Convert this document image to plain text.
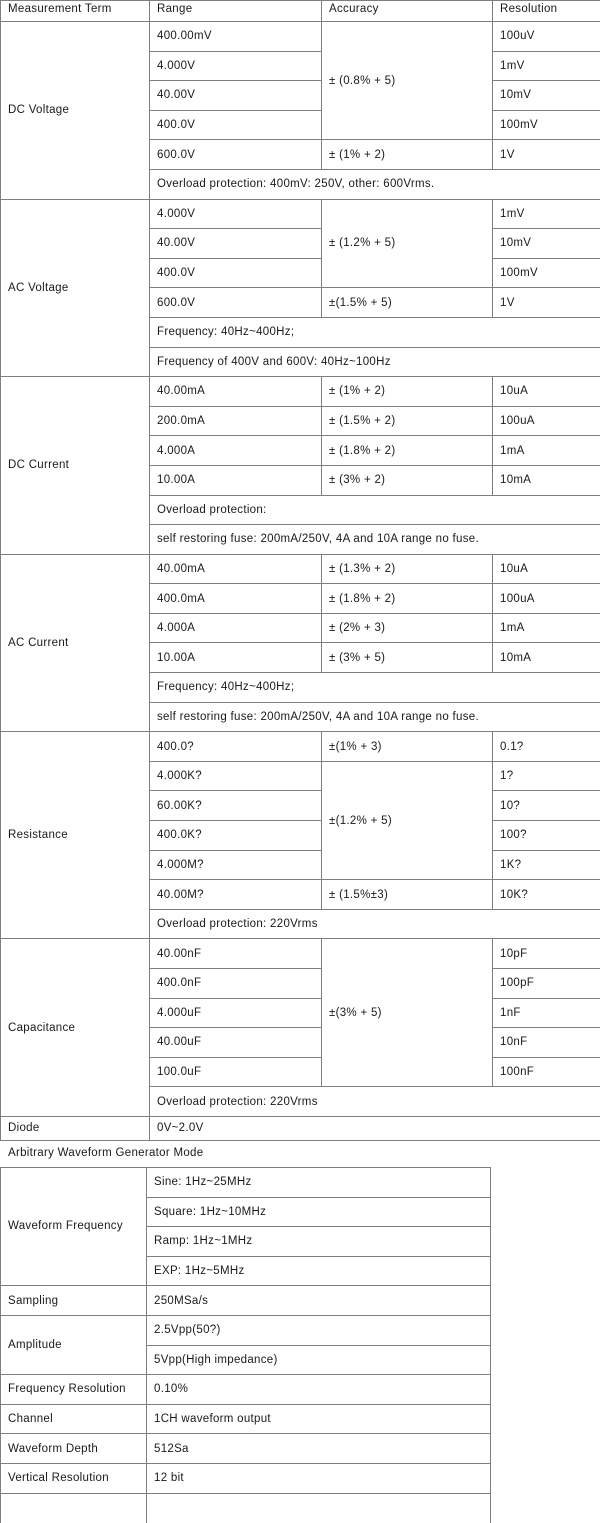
Measurement Term	Range	Accuracy	Resolution
DC Voltage	400.00mV	± (0.8% + 5)	100uV
	4.000V		1mV
	40.00V		10mV
	400.0V		100mV
	600.0V	± (1% + 2)	1V
	Overload protection: 400mV: 250V, other: 600Vrms.		
AC Voltage	4.000V	± (1.2% + 5)	1mV
	40.00V		10mV
	400.0V		100mV
	600.0V	±(1.5% + 5)	1V
	Frequency: 40Hz~400Hz;		
	Frequency of 400V and 600V: 40Hz~100Hz		
DC Current	40.00mA	± (1% + 2)	10uA
	200.0mA	± (1.5% + 2)	100uA
	4.000A	± (1.8% + 2)	1mA
	10.00A	± (3% + 2)	10mA
	Overload protection:		
	self restoring fuse: 200mA/250V, 4A and 10A range no fuse.		
AC Current	40.00mA	± (1.3% + 2)	10uA
	400.0mA	± (1.8% + 2)	100uA
	4.000A	± (2% + 3)	1mA
	10.00A	± (3% + 5)	10mA
	Frequency: 40Hz~400Hz;		
	self restoring fuse: 200mA/250V, 4A and 10A range no fuse.		
Resistance	400.0?	±(1% + 3)	0.1?
	4.000K?	±(1.2% + 5)	1?
	60.00K?		10?
	400.0K?		100?
	4.000M?		1K?
	40.00M?	± (1.5%±3)	10K?
	Overload protection: 220Vrms		
Capacitance	40.00nF	±(3% + 5)	10pF
	400.0nF		100pF
	4.000uF		1nF
	40.00uF		10nF
	100.0uF		100nF
	Overload protection: 220Vrms		
Diode	0V~2.0V		
Arbitrary Waveform Generator Mode
Waveform Frequency	Sine: 1Hz~25MHz
	Square: 1Hz~10MHz
	Ramp: 1Hz~1MHz
	EXP: 1Hz~5MHz
Sampling	250MSa/s
Amplitude	2.5Vpp(50?)
	5Vpp(High impedance)
Frequency Resolution	0.10%
Channel	1CH waveform output
Waveform Depth	512Sa
Vertical Resolution	12 bit
